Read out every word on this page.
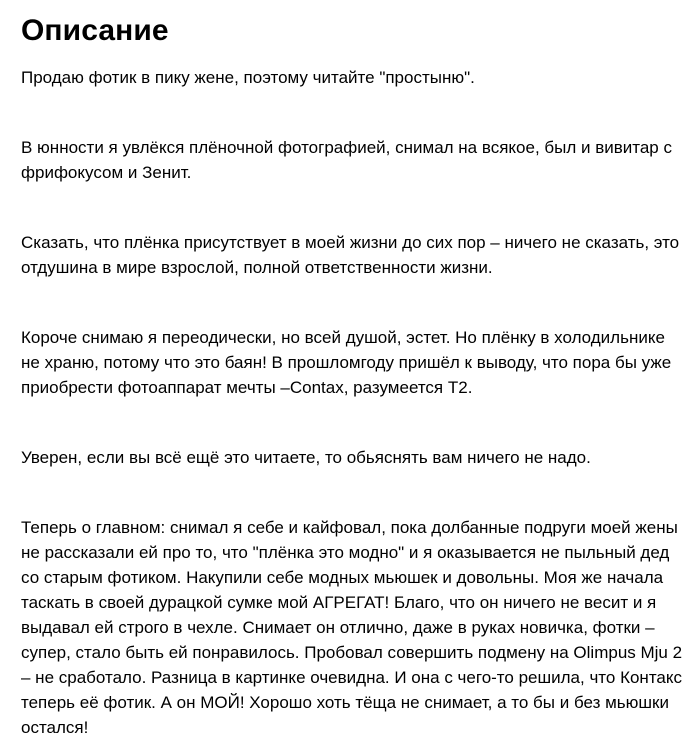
Описание

Продаю фотик в пику жене, поэтому читайте "простыню".

В юнности я увлёкся плёночной фотографией, снимал на всякое, был и вивитар с фрифокусом и Зенит.

Сказать, что плёнка присутствует в моей жизни до сих пор – ничего не сказать, это отдушина в мире взрослой, полной ответственности жизни.

Короче снимаю я переодически, но всей душой, эстет. Но плёнку в холодильнике не храню, потому что это баян! В прошломгоду пришёл к выводу, что пора бы уже приобрести фотоаппарат мечты –Contax, разумеется Т2.

Уверен, если вы всё ещё это читаете, то обьяснять вам ничего не надо.

Теперь о главном: снимал я себе и кайфовал, пока долбанные подруги моей жены не рассказали ей про то, что "плёнка это модно" и я оказывается не пыльный дед со старым фотиком. Накупили себе модных мьюшек и довольны. Моя же начала таскать в своей дурацкой сумке мой АГРЕГАТ! Благо, что он ничего не весит и я выдавал ей строго в чехле. Снимает он отлично, даже в руках новичка, фотки – супер, стало быть ей понравилось. Пробовал совершить подмену на Olimpus Mju 2 – не сработало. Разница в картинке очевидна. И она с чего-то решила, что Контакс теперь её фотик. А он МОЙ! Хорошо хоть тёща не снимает, а то бы и без мьюшки остался!
